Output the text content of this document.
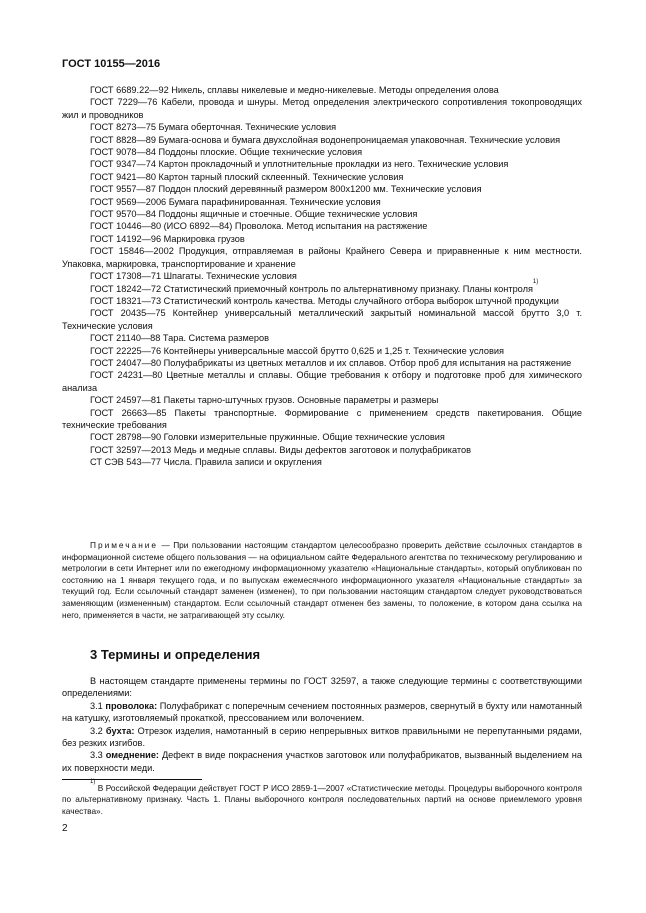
ГОСТ 10155—2016

ГОСТ 6689.22—92 Никель, сплавы никелевые и медно-никелевые. Методы определения олова

ГОСТ 7229—76 Кабели, провода и шнуры. Метод определения электрического сопротивления токопроводящих жил и проводников

ГОСТ 8273—75 Бумага оберточная. Технические условия

ГОСТ 8828—89 Бумага-основа и бумага двухслойная водонепроницаемая упаковочная. Технические условия

ГОСТ 9078—84 Поддоны плоские. Общие технические условия

ГОСТ 9347—74 Картон прокладочный и уплотнительные прокладки из него. Технические условия

ГОСТ 9421—80 Картон тарный плоский склеенный. Технические условия

ГОСТ 9557—87 Поддон плоский деревянный размером 800х1200 мм. Технические условия

ГОСТ 9569—2006 Бумага парафинированная. Технические условия

ГОСТ 9570—84 Поддоны ящичные и стоечные. Общие технические условия

ГОСТ 10446—80 (ИСО 6892—84) Проволока. Метод испытания на растяжение

ГОСТ 14192—96 Маркировка грузов

ГОСТ 15846—2002 Продукция, отправляемая в районы Крайнего Севера и приравненные к ним местности. Упаковка, маркировка, транспортирование и хранение

ГОСТ 17308—71 Шпагаты. Технические условия

ГОСТ 18242—72 Статистический приемочный контроль по альтернативному признаку. Планы контроля$^{1)}$

ГОСТ 18321—73 Статистический контроль качества. Методы случайного отбора выборок штучной продукции

ГОСТ 20435—75 Контейнер универсальный металлический закрытый номинальной массой брутто 3,0 т. Технические условия

ГОСТ 21140—88 Тара. Система размеров

ГОСТ 22225—76 Контейнеры универсальные массой брутто 0,625 и 1,25 т. Технические условия

ГОСТ 24047—80 Полуфабрикаты из цветных металлов и их сплавов. Отбор проб для испытания на растяжение

ГОСТ 24231—80 Цветные металлы и сплавы. Общие требования к отбору и подготовке проб для химического анализа

ГОСТ 24597—81 Пакеты тарно-штучных грузов. Основные параметры и размеры

ГОСТ 26663—85 Пакеты транспортные. Формирование с применением средств пакетирования. Общие технические требования

ГОСТ 28798—90 Головки измерительные пружинные. Общие технические условия

ГОСТ 32597—2013 Медь и медные сплавы. Виды дефектов заготовок и полуфабрикатов

СТ СЭВ 543—77 Числа. Правила записи и округления

Примечание — При пользовании настоящим стандартом целесообразно проверить действие ссылочных стандартов в информационной системе общего пользования — на официальном сайте Федерального агентства по техническому регулированию и метрологии в сети Интернет или по ежегодному информационному указателю «Национальные стандарты», который опубликован по состоянию на 1 января текущего года, и по выпускам ежемесячного информационного указателя «Национальные стандарты» за текущий год. Если ссылочный стандарт заменен (изменен), то при пользовании настоящим стандартом следует руководствоваться заменяющим (измененным) стандартом. Если ссылочный стандарт отменен без замены, то положение, в котором дана ссылка на него, применяется в части, не затрагивающей эту ссылку.
3 Термины и определения

В настоящем стандарте применены термины по ГОСТ 32597, а также следующие термины с соответствующими определениями:

3.1 проволока: Полуфабрикат с поперечным сечением постоянных размеров, свернутый в бухту или намотанный на катушку, изготовляемый прокаткой, прессованием или волочением.

3.2 бухта: Отрезок изделия, намотанный в серию непрерывных витков правильными не перепутанными рядами, без резких изгибов.

3.3 омеднение: Дефект в виде покраснения участков заготовок или полуфабрикатов, вызванный выделением на их поверхности меди.

$^{1)}$ В Российской Федерации действует ГОСТ Р ИСО 2859-1—2007 «Статистические методы. Процедуры выборочного контроля по альтернативному признаку. Часть 1. Планы выборочного контроля последовательных партий на основе приемлемого уровня качества».
2
